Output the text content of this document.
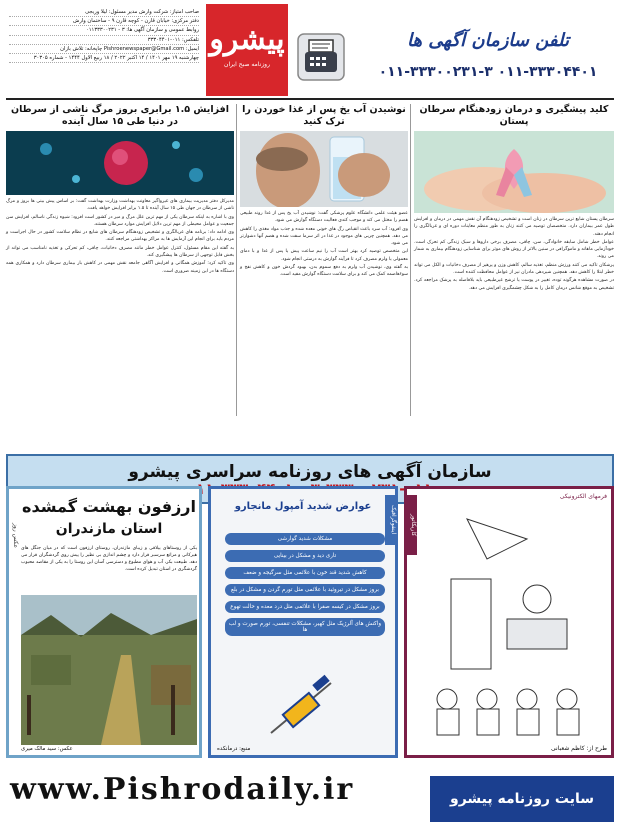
صاحب امتیاز: شرکت وارش مدیر مسئول: لیلا وریجی
دفتر مرکزی: خیابان قارن - کوچه قارن ۹ - ساختمان وارش
روابط عمومی و سازمان آگهی ها: ۳ - ۰۱۱۳۳۳۰۰۲۳۱
تلفکس: ۰۱۱-۳۳۳۰۴۴۰۱
ایمیل: Pishroenewspaper@Gmail.com چاپخانه: تلاش بازان
چهارشنبه ۱۹ مهر ۱۴۰۱ / ۱۴ اکتبر ۲۰۲۲ / ۱۸ ربیع الاول ۱۴۴۴ - شماره ۳۰۳۰۵
پیشرو
روزنامه صبح ایران
تلفن سازمان آگهی ها
۰۱۱-۳۳۳۰۰۲۳۱-۳ ۰۱۱-۳۳۳۰۴۴۰۱
کلید پیشگیری و درمان زودهنگام سرطان پستان

سرطان پستان شایع ترین سرطان در زنان است و تشخیص زودهنگام آن نقش مهمی در درمان و افزایش طول عمر بیماران دارد. متخصصان توصیه می کنند زنان به طور منظم معاینات دوره ای و غربالگری را انجام دهند.

عوامل خطر شامل سابقه خانوادگی، سن، چاقی، مصرف برخی داروها و سبک زندگی کم تحرک است. خودآزمایی ماهانه و ماموگرافی در سنین بالاتر از روش های موثر برای شناسایی زودهنگام بیماری به شمار می روند.

پزشکان تاکید می کنند ورزش منظم، تغذیه سالم، کاهش وزن و پرهیز از مصرف دخانیات و الکل می تواند خطر ابتلا را کاهش دهد. همچنین شیردهی مادران نیز از عوامل محافظت کننده است.

در صورت مشاهده هرگونه توده، تغییر در پوست یا ترشح غیرطبیعی باید بلافاصله به پزشک مراجعه کرد. تشخیص به موقع شانس درمان کامل را به شکل چشمگیری افزایش می دهد.

نوشیدن آب یخ پس از غذا خوردن را ترک کنید

عضو هیئت علمی دانشگاه علوم پزشکی گفت: نوشیدن آب یخ پس از غذا روند طبیعی هضم را مختل می کند و موجب کندی فعالیت دستگاه گوارش می شود.

وی افزود: آب سرد باعث انقباض رگ های خونی معده شده و جذب مواد مغذی را کاهش می دهد. همچنین چربی های موجود در غذا در اثر سرما سفت شده و هضم آنها دشوارتر می شود.

این متخصص توصیه کرد بهتر است آب را نیم ساعت پیش یا پس از غذا و با دمای معمولی یا ولرم مصرف کرد تا فرآیند گوارش به درستی انجام شود.

به گفته وی، نوشیدن آب ولرم به دفع سموم بدن، بهبود گردش خون و کاهش نفخ و سوءهاضمه کمک می کند و برای سلامت دستگاه گوارش مفید است.

افزایش ۱.۵ برابری بروز مرگ ناشی از سرطان در دنیا طی ۱۵ سال آینده

مدیرکل دفتر مدیریت بیماری های غیرواگیر معاونت بهداشت وزارت بهداشت گفت: بر اساس پیش بینی ها بروز و مرگ ناشی از سرطان در جهان طی ۱۵ سال آینده تا ۱.۵ برابر افزایش خواهد یافت.

وی با اشاره به اینکه سرطان یکی از مهم ترین علل مرگ و میر در کشور است افزود: شیوه زندگی ناسالم، افزایش سن جمعیت و عوامل محیطی از مهم ترین دلایل افزایش موارد سرطان هستند.

وی ادامه داد: برنامه های غربالگری و تشخیص زودهنگام سرطان های شایع در نظام سلامت کشور در حال اجراست و مردم باید برای انجام این آزمایش ها به مراکز بهداشتی مراجعه کنند.

به گفته این مقام مسئول، کنترل عوامل خطر مانند مصرف دخانیات، چاقی، کم تحرکی و تغذیه نامناسب می تواند از بخش قابل توجهی از سرطان ها پیشگیری کند.

وی تاکید کرد: آموزش همگانی و افزایش آگاهی جامعه نقش مهمی در کاهش بار بیماری سرطان دارد و همکاری همه دستگاه ها در این زمینه ضروری است.

سازمان آگهی های روزنامه سراسری پیشرو
فرمهای الکترونیکی
کاریکاتور
طرح از: کاظم شعبانی
اینفوگرافیک
عوارض شدید آمپول مانجارو
مشکلات شدید گوارشی
تاری دید و مشکل در بینایی
کاهش شدید قند خون با علائمی مثل سرگیجه و ضعف
بروز مشکل در تیروئید با علائمی مثل تورم گردن و مشکل در بلع
بروز مشکل در کیسه صفرا با علائمی مثل درد معده و حالت تهوع
واکنش های آلرژیک مثل کهیر، مشکلات تنفسی، تورم صورت و لب ها
منبع: درمانکده
عکس روز
ارزفون بهشت گمشده
استان مازندران
یکی از روستاهای ییلاقی و زیبای مازندران، روستای ارزفون است که در میان جنگل های هیرکانی و مراتع سرسبز قرار دارد و چشم اندازی بی نظیر را پیش روی گردشگران قرار می دهد. طبیعت بکر، آب و هوای مطبوع و دسترسی آسان این روستا را به یکی از مقاصد محبوب گردشگری در استان تبدیل کرده است.
عکس: سید مالک میری
www.Pishrodaily.ir	سایت روزنامه پیشرو
